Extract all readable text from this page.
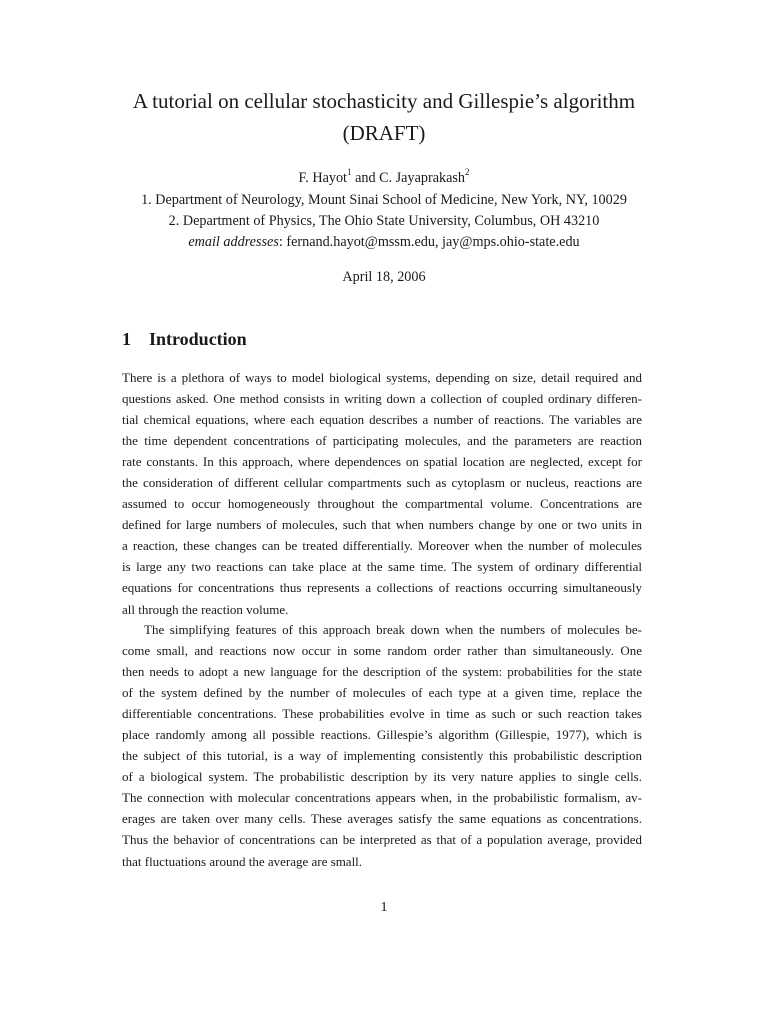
A tutorial on cellular stochasticity and Gillespie’s algorithm
(DRAFT)

F. Hayot$^1$ and C. Jayaprakash$^2$

1. Department of Neurology, Mount Sinai School of Medicine, New York, NY, 10029

2. Department of Physics, The Ohio State University, Columbus, OH 43210

email addresses: fernand.hayot@mssm.edu, jay@mps.ohio-state.edu

April 18, 2006

1 Introduction
There is a plethora of ways to model biological systems, depending on size, detail required and
questions asked. One method consists in writing down a collection of coupled ordinary differen-
tial chemical equations, where each equation describes a number of reactions. The variables are
the time dependent concentrations of participating molecules, and the parameters are reaction
rate constants. In this approach, where dependences on spatial location are neglected, except for
the consideration of different cellular compartments such as cytoplasm or nucleus, reactions are
assumed to occur homogeneously throughout the compartmental volume. Concentrations are
defined for large numbers of molecules, such that when numbers change by one or two units in
a reaction, these changes can be treated differentially. Moreover when the number of molecules
is large any two reactions can take place at the same time. The system of ordinary differential
equations for concentrations thus represents a collections of reactions occurring simultaneously
all through the reaction volume.
The simplifying features of this approach break down when the numbers of molecules be-
come small, and reactions now occur in some random order rather than simultaneously. One
then needs to adopt a new language for the description of the system: probabilities for the state
of the system defined by the number of molecules of each type at a given time, replace the
differentiable concentrations. These probabilities evolve in time as such or such reaction takes
place randomly among all possible reactions. Gillespie’s algorithm (Gillespie, 1977), which is
the subject of this tutorial, is a way of implementing consistently this probabilistic description
of a biological system. The probabilistic description by its very nature applies to single cells.
The connection with molecular concentrations appears when, in the probabilistic formalism, av-
erages are taken over many cells. These averages satisfy the same equations as concentrations.
Thus the behavior of concentrations can be interpreted as that of a population average, provided
that fluctuations around the average are small.

1
